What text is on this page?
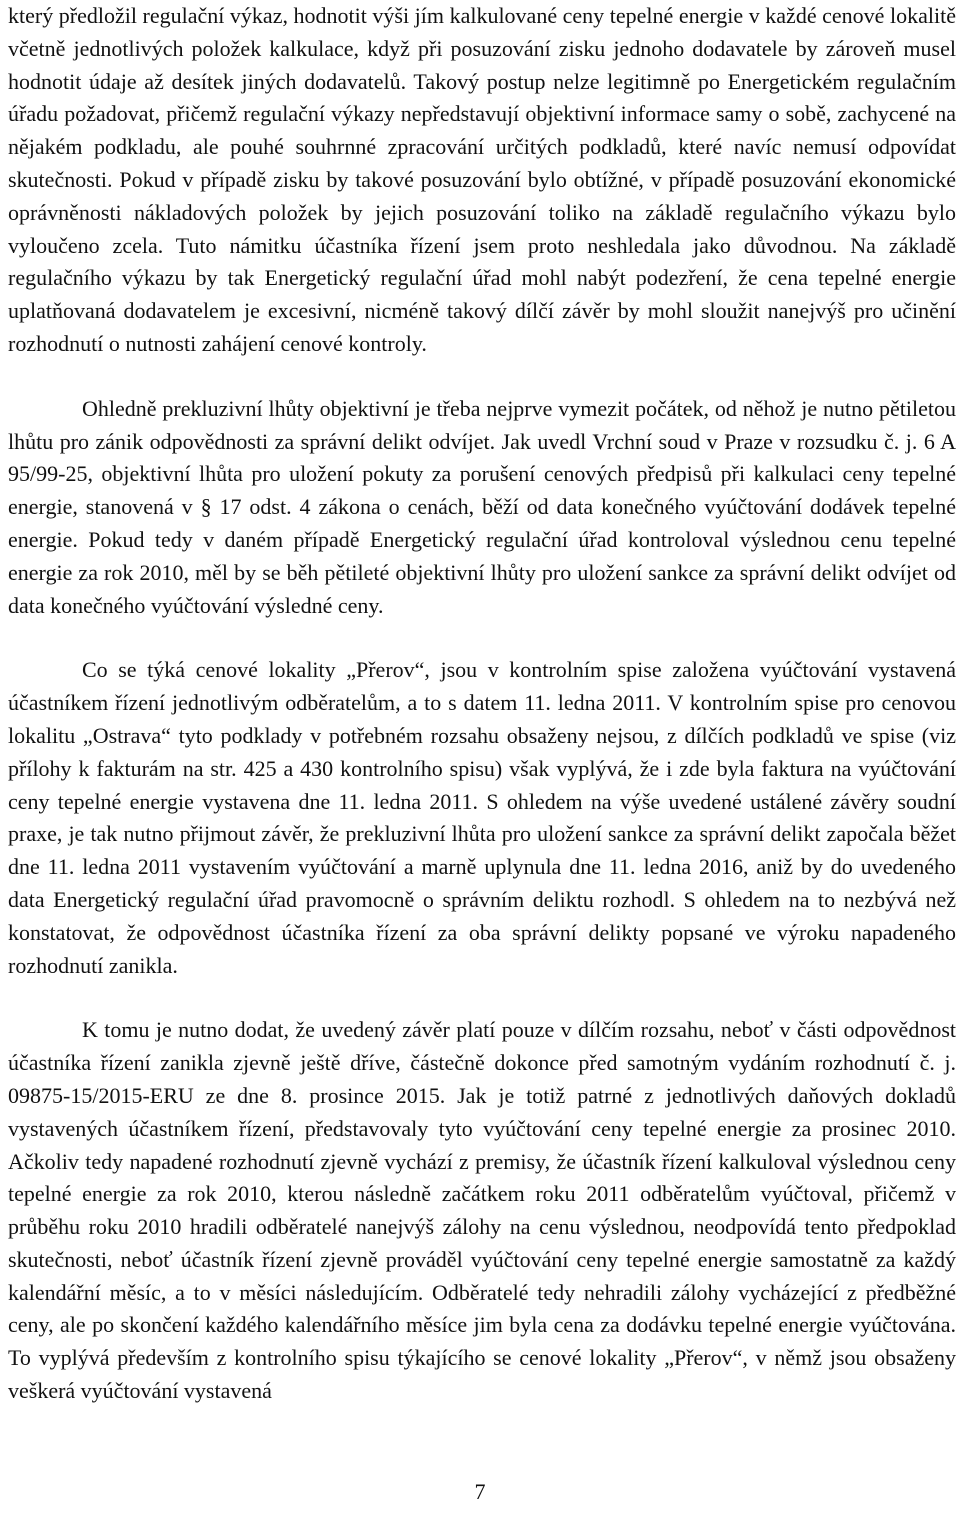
který předložil regulační výkaz, hodnotit výši jím kalkulované ceny tepelné energie v každé cenové lokalitě včetně jednotlivých položek kalkulace, když při posuzování zisku jednoho dodavatele by zároveň musel hodnotit údaje až desítek jiných dodavatelů. Takový postup nelze legitimně po Energetickém regulačním úřadu požadovat, přičemž regulační výkazy nepředstavují objektivní informace samy o sobě, zachycené na nějakém podkladu, ale pouhé souhrnné zpracování určitých podkladů, které navíc nemusí odpovídat skutečnosti. Pokud v případě zisku by takové posuzování bylo obtížné, v případě posuzování ekonomické oprávněnosti nákladových položek by jejich posuzování toliko na základě regulačního výkazu bylo vyloučeno zcela. Tuto námitku účastníka řízení jsem proto neshledala jako důvodnou. Na základě regulačního výkazu by tak Energetický regulační úřad mohl nabýt podezření, že cena tepelné energie uplatňovaná dodavatelem je excesivní, nicméně takový dílčí závěr by mohl sloužit nanejvýš pro učinění rozhodnutí o nutnosti zahájení cenové kontroly.

Ohledně prekluzivní lhůty objektivní je třeba nejprve vymezit počátek, od něhož je nutno pětiletou lhůtu pro zánik odpovědnosti za správní delikt odvíjet. Jak uvedl Vrchní soud v Praze v rozsudku č. j. 6 A 95/99-25, objektivní lhůta pro uložení pokuty za porušení cenových předpisů při kalkulaci ceny tepelné energie, stanovená v § 17 odst. 4 zákona o cenách, běží od data konečného vyúčtování dodávek tepelné energie. Pokud tedy v daném případě Energetický regulační úřad kontroloval výslednou cenu tepelné energie za rok 2010, měl by se běh pětileté objektivní lhůty pro uložení sankce za správní delikt odvíjet od data konečného vyúčtování výsledné ceny.

Co se týká cenové lokality „Přerov“, jsou v kontrolním spise založena vyúčtování vystavená účastníkem řízení jednotlivým odběratelům, a to s datem 11. ledna 2011. V kontrolním spise pro cenovou lokalitu „Ostrava“ tyto podklady v potřebném rozsahu obsaženy nejsou, z dílčích podkladů ve spise (viz přílohy k fakturám na str. 425 a 430 kontrolního spisu) však vyplývá, že i zde byla faktura na vyúčtování ceny tepelné energie vystavena dne 11. ledna 2011. S ohledem na výše uvedené ustálené závěry soudní praxe, je tak nutno přijmout závěr, že prekluzivní lhůta pro uložení sankce za správní delikt započala běžet dne 11. ledna 2011 vystavením vyúčtování a marně uplynula dne 11. ledna 2016, aniž by do uvedeného data Energetický regulační úřad pravomocně o správním deliktu rozhodl. S ohledem na to nezbývá než konstatovat, že odpovědnost účastníka řízení za oba správní delikty popsané ve výroku napadeného rozhodnutí zanikla.

K tomu je nutno dodat, že uvedený závěr platí pouze v dílčím rozsahu, neboť v části odpovědnost účastníka řízení zanikla zjevně ještě dříve, částečně dokonce před samotným vydáním rozhodnutí č. j. 09875-15/2015-ERU ze dne 8. prosince 2015. Jak je totiž patrné z jednotlivých daňových dokladů vystavených účastníkem řízení, představovaly tyto vyúčtování ceny tepelné energie za prosinec 2010. Ačkoliv tedy napadené rozhodnutí zjevně vychází z premisy, že účastník řízení kalkuloval výslednou ceny tepelné energie za rok 2010, kterou následně začátkem roku 2011 odběratelům vyúčtoval, přičemž v průběhu roku 2010 hradili odběratelé nanejvýš zálohy na cenu výslednou, neodpovídá tento předpoklad skutečnosti, neboť účastník řízení zjevně prováděl vyúčtování ceny tepelné energie samostatně za každý kalendářní měsíc, a to v měsíci následujícím. Odběratelé tedy nehradili zálohy vycházející z předběžné ceny, ale po skončení každého kalendářního měsíce jim byla cena za dodávku tepelné energie vyúčtována. To vyplývá především z kontrolního spisu týkajícího se cenové lokality „Přerov“, v němž jsou obsaženy veškerá vyúčtování vystavená

7
